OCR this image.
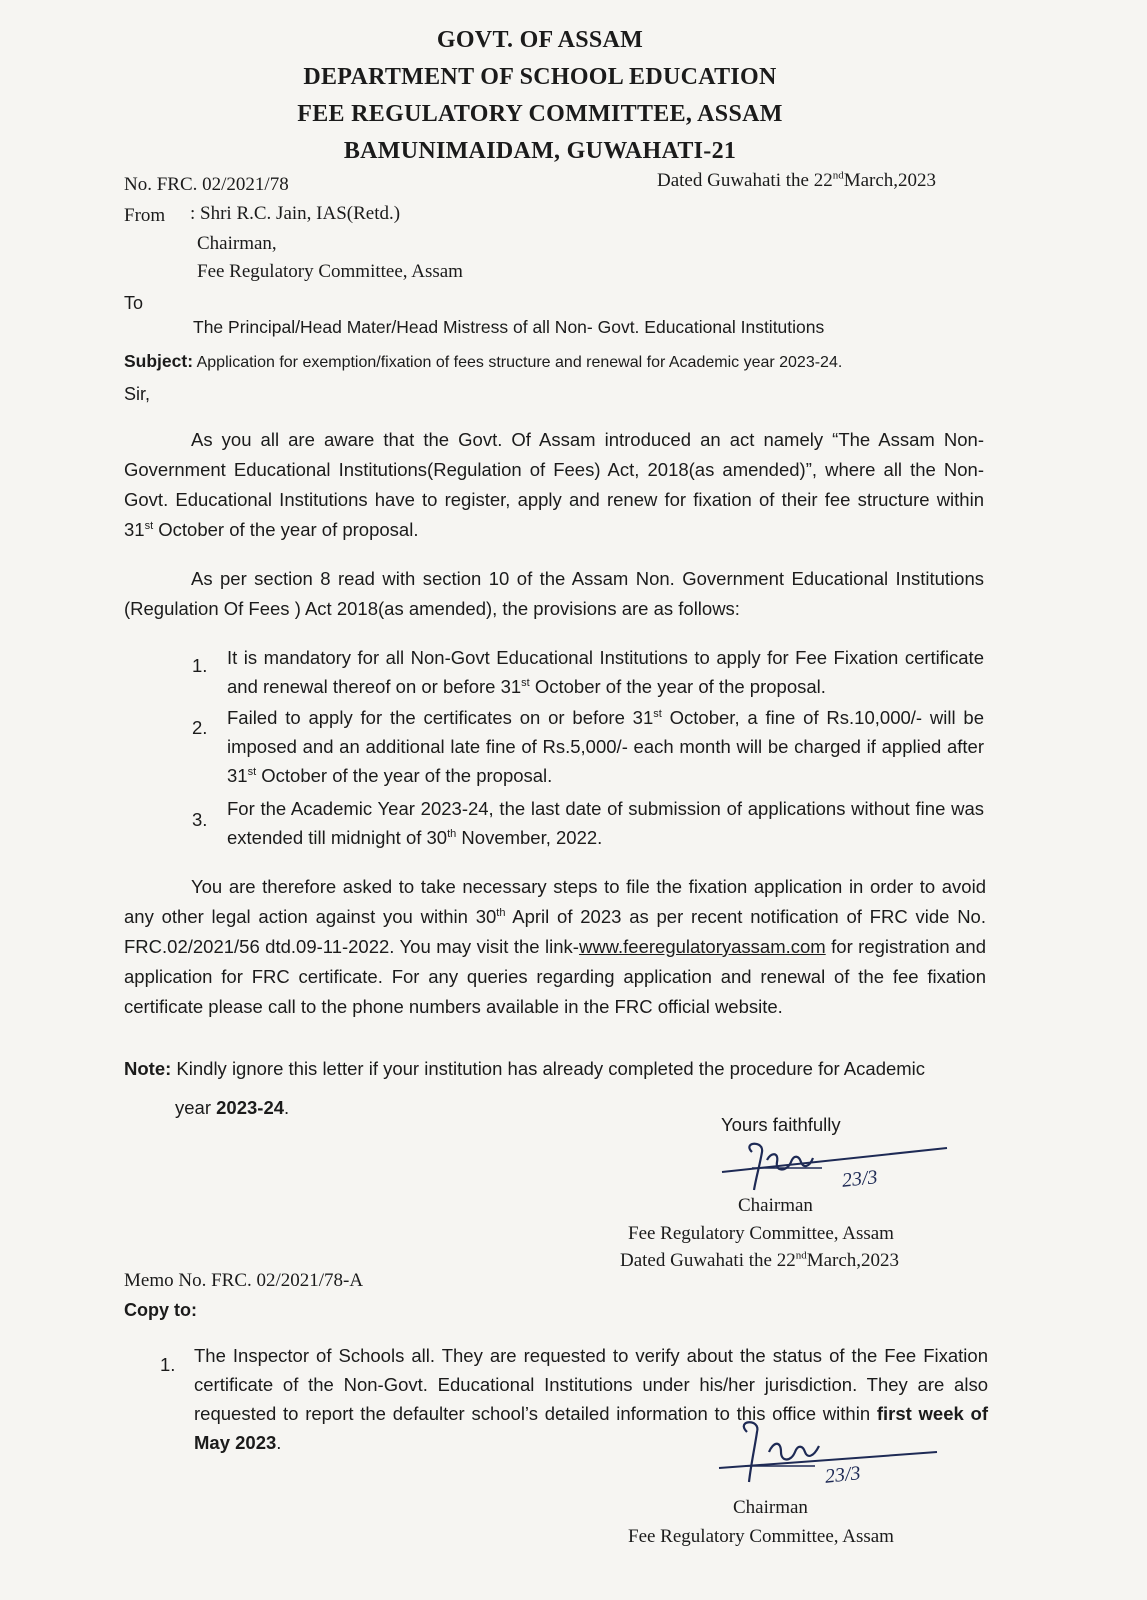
GOVT. OF ASSAM
DEPARTMENT OF SCHOOL EDUCATION
FEE REGULATORY COMMITTEE, ASSAM
BAMUNIMAIDAM, GUWAHATI-21
No. FRC. 02/2021/78	Dated Guwahati the 22ndMarch,2023
From : Shri R.C. Jain, IAS(Retd.)
Chairman,
Fee Regulatory Committee, Assam
To
The Principal/Head Mater/Head Mistress of all Non- Govt. Educational Institutions
Subject: Application for exemption/fixation of fees structure and renewal for Academic year 2023-24.
Sir,
As you all are aware that the Govt. Of Assam introduced an act namely “The Assam Non-Government Educational Institutions(Regulation of Fees) Act, 2018(as amended)”, where all the Non-Govt. Educational Institutions have to register, apply and renew for fixation of their fee structure within 31st October of the year of proposal.
As per section 8 read with section 10 of the Assam Non. Government Educational Institutions (Regulation Of Fees ) Act 2018(as amended), the provisions are as follows:
1. It is mandatory for all Non-Govt Educational Institutions to apply for Fee Fixation certificate and renewal thereof on or before 31st October of the year of the proposal.
2. Failed to apply for the certificates on or before 31st October, a fine of Rs.10,000/- will be imposed and an additional late fine of Rs.5,000/- each month will be charged if applied after 31st October of the year of the proposal.
3.
For the Academic Year 2023-24, the last date of submission of applications without fine was extended till midnight of 30th November, 2022.
You are therefore asked to take necessary steps to file the fixation application in order to avoid any other legal action against you within 30th April of 2023 as per recent notification of FRC vide No. FRC.02/2021/56 dtd.09-11-2022. You may visit the link-www.feeregulatoryassam.com for registration and application for FRC certificate. For any queries regarding application and renewal of the fee fixation certificate please call to the phone numbers available in the FRC official website.
Note: Kindly ignore this letter if your institution has already completed the procedure for Academic
year 2023-24.
Yours faithfully
23/3
Chairman
Fee Regulatory Committee, Assam
Dated Guwahati the 22ndMarch,2023
Memo No. FRC. 02/2021/78-A
Copy to:
1. The Inspector of Schools all. They are requested to verify about the status of the Fee Fixation certificate of the Non-Govt. Educational Institutions under his/her jurisdiction. They are also requested to report the defaulter school’s detailed information to this office within first week of May 2023.
23/3
Chairman
Fee Regulatory Committee, Assam
